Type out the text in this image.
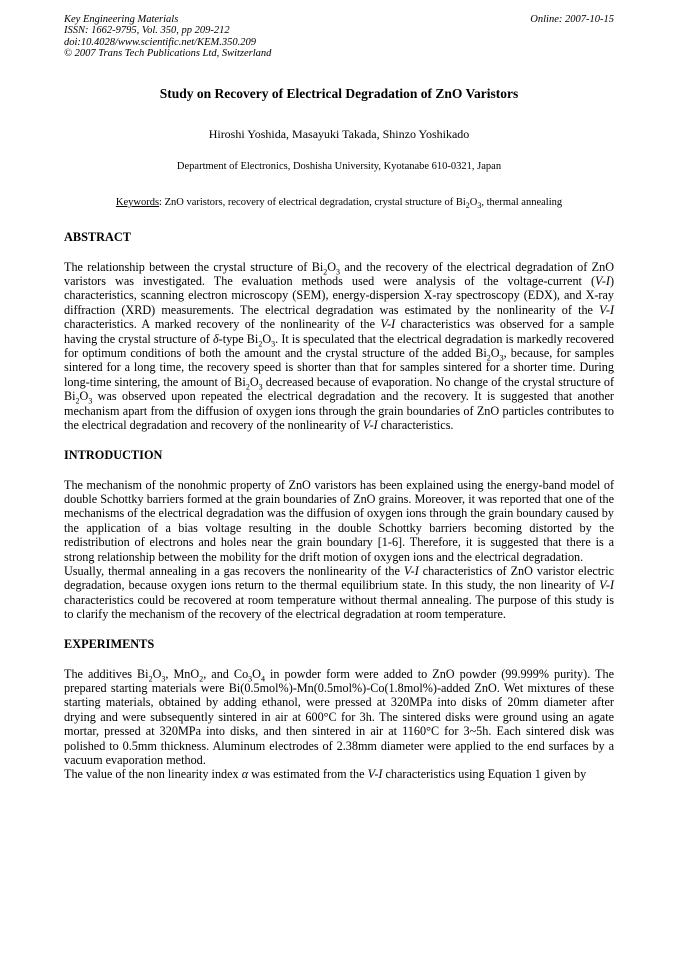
Key Engineering Materials
ISSN: 1662-9795, Vol. 350, pp 209-212
doi:10.4028/www.scientific.net/KEM.350.209
© 2007 Trans Tech Publications Ltd, Switzerland
Online: 2007-10-15
Study on Recovery of Electrical Degradation of ZnO Varistors
Hiroshi Yoshida, Masayuki Takada, Shinzo Yoshikado
Department of Electronics, Doshisha University, Kyotanabe 610-0321, Japan
Keywords: ZnO varistors, recovery of electrical degradation, crystal structure of $Bi_2O_3$, thermal annealing
ABSTRACT

The relationship between the crystal structure of $Bi_2O_3$ and the recovery of the electrical degradation of ZnO varistors was investigated. The evaluation methods used were analysis of the voltage-current (V-I) characteristics, scanning electron microscopy (SEM), energy-dispersion X-ray spectroscopy (EDX), and X-ray diffraction (XRD) measurements. The electrical degradation was estimated by the nonlinearity of the V-I characteristics. A marked recovery of the nonlinearity of the V-I characteristics was observed for a sample having the crystal structure of δ-type $Bi_2O_3$. It is speculated that the electrical degradation is markedly recovered for optimum conditions of both the amount and the crystal structure of the added $Bi_2O_3$, because, for samples sintered for a long time, the recovery speed is shorter than that for samples sintered for a shorter time. During long-time sintering, the amount of $Bi_2O_3$ decreased because of evaporation. No change of the crystal structure of $Bi_2O_3$ was observed upon repeated the electrical degradation and the recovery. It is suggested that another mechanism apart from the diffusion of oxygen ions through the grain boundaries of ZnO particles contributes to the electrical degradation and recovery of the nonlinearity of V-I characteristics.

INTRODUCTION

The mechanism of the nonohmic property of ZnO varistors has been explained using the energy-band model of double Schottky barriers formed at the grain boundaries of ZnO grains. Moreover, it was reported that one of the mechanisms of the electrical degradation was the diffusion of oxygen ions through the grain boundary caused by the application of a bias voltage resulting in the double Schottky barriers becoming distorted by the redistribution of electrons and holes near the grain boundary [1-6]. Therefore, it is suggested that there is a strong relationship between the mobility for the drift motion of oxygen ions and the electrical degradation.

Usually, thermal annealing in a gas recovers the nonlinearity of the V-I characteristics of ZnO varistor electric degradation, because oxygen ions return to the thermal equilibrium state. In this study, the non linearity of V-I characteristics could be recovered at room temperature without thermal annealing. The purpose of this study is to clarify the mechanism of the recovery of the electrical degradation at room temperature.

EXPERIMENTS

The additives $Bi_2O_3$, MnO$_2$, and $Co_3O_4$ in powder form were added to ZnO powder (99.999% purity). The prepared starting materials were Bi(0.5mol%)-Mn(0.5mol%)-Co(1.8mol%)-added ZnO. Wet mixtures of these starting materials, obtained by adding ethanol, were pressed at 320MPa into disks of 20mm diameter after drying and were subsequently sintered in air at 600°C for 3h. The sintered disks were ground using an agate mortar, pressed at 320MPa into disks, and then sintered in air at 1160°C for 3~5h. Each sintered disk was polished to 0.5mm thickness. Aluminum electrodes of 2.38mm diameter were applied to the end surfaces by a vacuum evaporation method.

The value of the non linearity index α was estimated from the V-I characteristics using Equation 1 given by
